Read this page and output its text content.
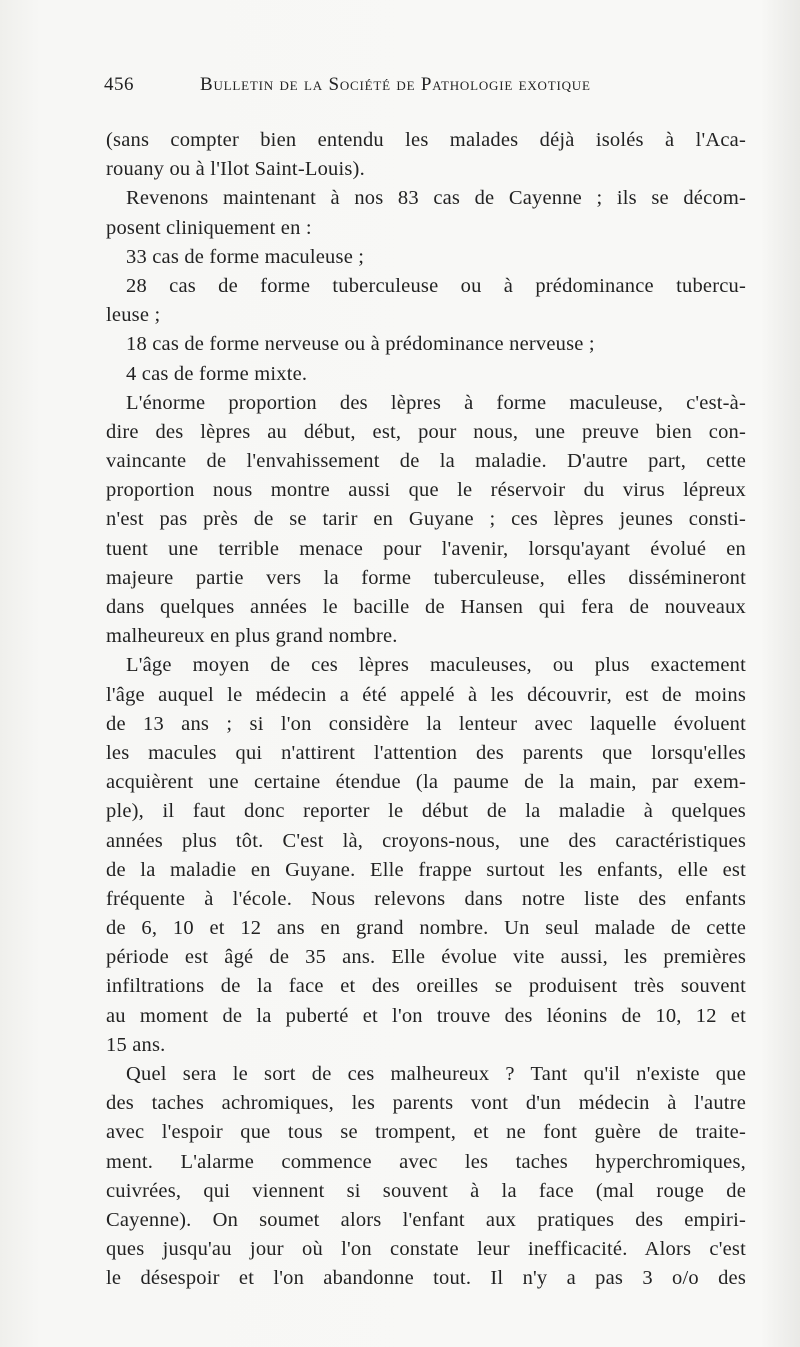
456	Bulletin de la Société de Pathologie exotique
(sans compter bien entendu les malades déjà isolés à l'Aca-
rouany ou à l'Ilot Saint-Louis).
Revenons maintenant à nos 83 cas de Cayenne ; ils se décom-
posent cliniquement en :
33 cas de forme maculeuse ;
28 cas de forme tuberculeuse ou à prédominance tubercu-
leuse ;
18 cas de forme nerveuse ou à prédominance nerveuse ;
4 cas de forme mixte.
L'énorme proportion des lèpres à forme maculeuse, c'est-à-
dire des lèpres au début, est, pour nous, une preuve bien con-
vaincante de l'envahissement de la maladie. D'autre part, cette
proportion nous montre aussi que le réservoir du virus lépreux
n'est pas près de se tarir en Guyane ; ces lèpres jeunes consti-
tuent une terrible menace pour l'avenir, lorsqu'ayant évolué en
majeure partie vers la forme tuberculeuse, elles dissémineront
dans quelques années le bacille de Hansen qui fera de nouveaux
malheureux en plus grand nombre.
L'âge moyen de ces lèpres maculeuses, ou plus exactement
l'âge auquel le médecin a été appelé à les découvrir, est de moins
de 13 ans ; si l'on considère la lenteur avec laquelle évoluent
les macules qui n'attirent l'attention des parents que lorsqu'elles
acquièrent une certaine étendue (la paume de la main, par exem-
ple), il faut donc reporter le début de la maladie à quelques
années plus tôt. C'est là, croyons-nous, une des caractéristiques
de la maladie en Guyane. Elle frappe surtout les enfants, elle est
fréquente à l'école. Nous relevons dans notre liste des enfants
de 6, 10 et 12 ans en grand nombre. Un seul malade de cette
période est âgé de 35 ans. Elle évolue vite aussi, les premières
infiltrations de la face et des oreilles se produisent très souvent
au moment de la puberté et l'on trouve des léonins de 10, 12 et
15 ans.
Quel sera le sort de ces malheureux ? Tant qu'il n'existe que
des taches achromiques, les parents vont d'un médecin à l'autre
avec l'espoir que tous se trompent, et ne font guère de traite-
ment. L'alarme commence avec les taches hyperchromiques,
cuivrées, qui viennent si souvent à la face (mal rouge de
Cayenne). On soumet alors l'enfant aux pratiques des empiri-
ques jusqu'au jour où l'on constate leur inefficacité. Alors c'est
le désespoir et l'on abandonne tout. Il n'y a pas 3 o/o des
